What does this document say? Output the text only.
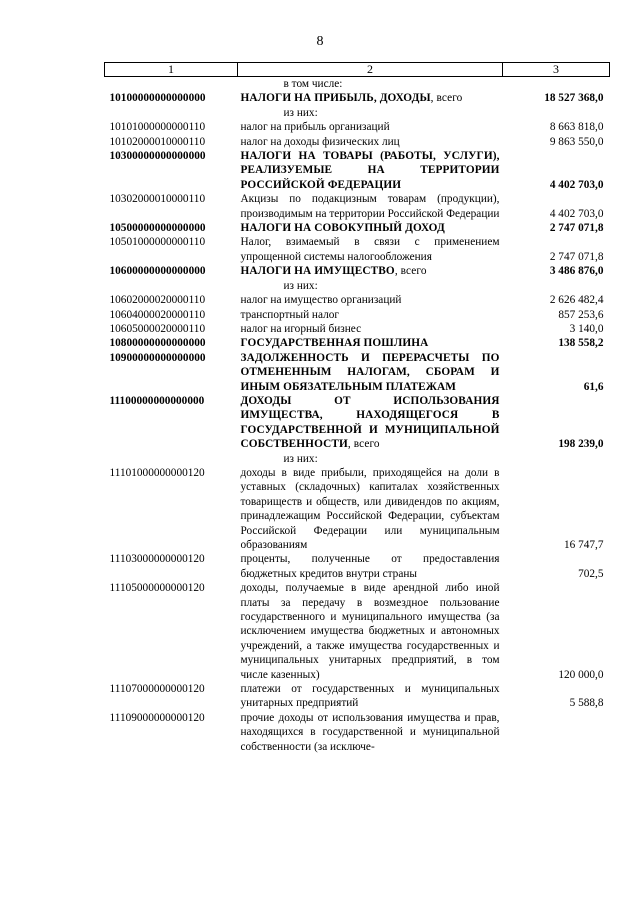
8
1	2	3
	в том числе:	
10100000000000000	НАЛОГИ НА ПРИБЫЛЬ, ДОХОДЫ, всего	18 527 368,0
	из них:	
10101000000000110	налог на прибыль организаций	8 663 818,0
10102000010000110	налог на доходы физических лиц	9 863 550,0
10300000000000000	НАЛОГИ НА ТОВАРЫ (РАБОТЫ, УСЛУГИ), РЕАЛИЗУЕМЫЕ НА ТЕРРИТОРИИ РОССИЙСКОЙ ФЕДЕРАЦИИ	4 402 703,0
10302000010000110	Акцизы по подакцизным товарам (продукции), производимым на территории Российской Федерации	4 402 703,0
10500000000000000	НАЛОГИ НА СОВОКУПНЫЙ ДОХОД	2 747 071,8
10501000000000110	Налог, взимаемый в связи с применением упрощенной системы налогообложения	2 747 071,8
10600000000000000	НАЛОГИ НА ИМУЩЕСТВО, всего	3 486 876,0
	из них:	
10602000020000110	налог на имущество организаций	2 626 482,4
10604000020000110	транспортный налог	857 253,6
10605000020000110	налог на игорный бизнес	3 140,0
10800000000000000	ГОСУДАРСТВЕННАЯ ПОШЛИНА	138 558,2
10900000000000000	ЗАДОЛЖЕННОСТЬ И ПЕРЕРАСЧЕТЫ ПО ОТМЕНЕННЫМ НАЛОГАМ, СБОРАМ И ИНЫМ ОБЯЗАТЕЛЬНЫМ ПЛАТЕЖАМ	61,6
11100000000000000	ДОХОДЫ ОТ ИСПОЛЬЗОВАНИЯ ИМУЩЕСТВА, НАХОДЯЩЕГОСЯ В ГОСУДАРСТВЕННОЙ И МУНИЦИПАЛЬНОЙ СОБСТВЕННОСТИ, всего	198 239,0
	из них:	
11101000000000120	доходы в виде прибыли, приходящейся на доли в уставных (складочных) капиталах хозяйственных товариществ и обществ, или дивидендов по акциям, принадлежащим Российской Федерации, субъектам Российской Федерации или муниципальным образованиям	16 747,7
11103000000000120	проценты, полученные от предоставления бюджетных кредитов внутри страны	702,5
11105000000000120	доходы, получаемые в виде арендной либо иной платы за передачу в возмездное пользование государственного и муниципального имущества (за исключением имущества бюджетных и автономных учреждений, а также имущества государственных и муниципальных унитарных предприятий, в том числе казенных)	120 000,0
11107000000000120	платежи от государственных и муниципальных унитарных предприятий	5 588,8
11109000000000120	прочие доходы от использования имущества и прав, находящихся в государственной и муниципальной собственности (за исключе-	
